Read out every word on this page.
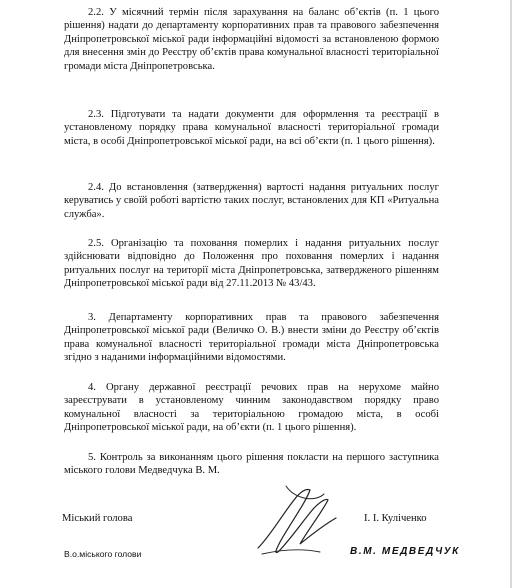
2.2. У місячний термін після зарахування на баланс об’єктів (п. 1 цього рішення) надати до департаменту корпоративних прав та правового забезпечення Дніпропетровської міської ради інформаційні відомості за встановленою формою для внесення змін до Реєстру об’єктів права комунальної власності територіальної громади міста Дніпропетровська.

2.3. Підготувати та надати документи для оформлення та реєстрації в установленому порядку права комунальної власності територіальної громади міста, в особі Дніпропетровської міської ради, на всі об’єкти (п. 1 цього рішення).

2.4. До встановлення (затвердження) вартості надання ритуальних послуг керуватись у своїй роботі вартістю таких послуг, встановлених для КП «Ритуальна служба».

2.5. Організацію та поховання померлих і надання ритуальних послуг здійснювати відповідно до Положення про поховання померлих і надання ритуальних послуг на території міста Дніпропетровська, затвердженого рішенням Дніпропетровської міської ради від 27.11.2013 № 43/43.

3. Департаменту корпоративних прав та правового забезпечення Дніпропетровської міської ради (Величко О. В.) внести зміни до Реєстру об’єктів права комунальної власності територіальної громади міста Дніпропетровська згідно з наданими інформаційними відомостями.

4. Органу державної реєстрації речових прав на нерухоме майно зареєструвати в установленому чинним законодавством порядку право комунальної власності за територіальною громадою міста, в особі Дніпропетровської міської ради, на об’єкти (п. 1 цього рішення).

5. Контроль за виконанням цього рішення покласти на першого заступника міського голови Медведчука В. М.

Міський голова	І. І. Куліченко
В.о.міського голови	В.М. МЕДВЕДЧУК
